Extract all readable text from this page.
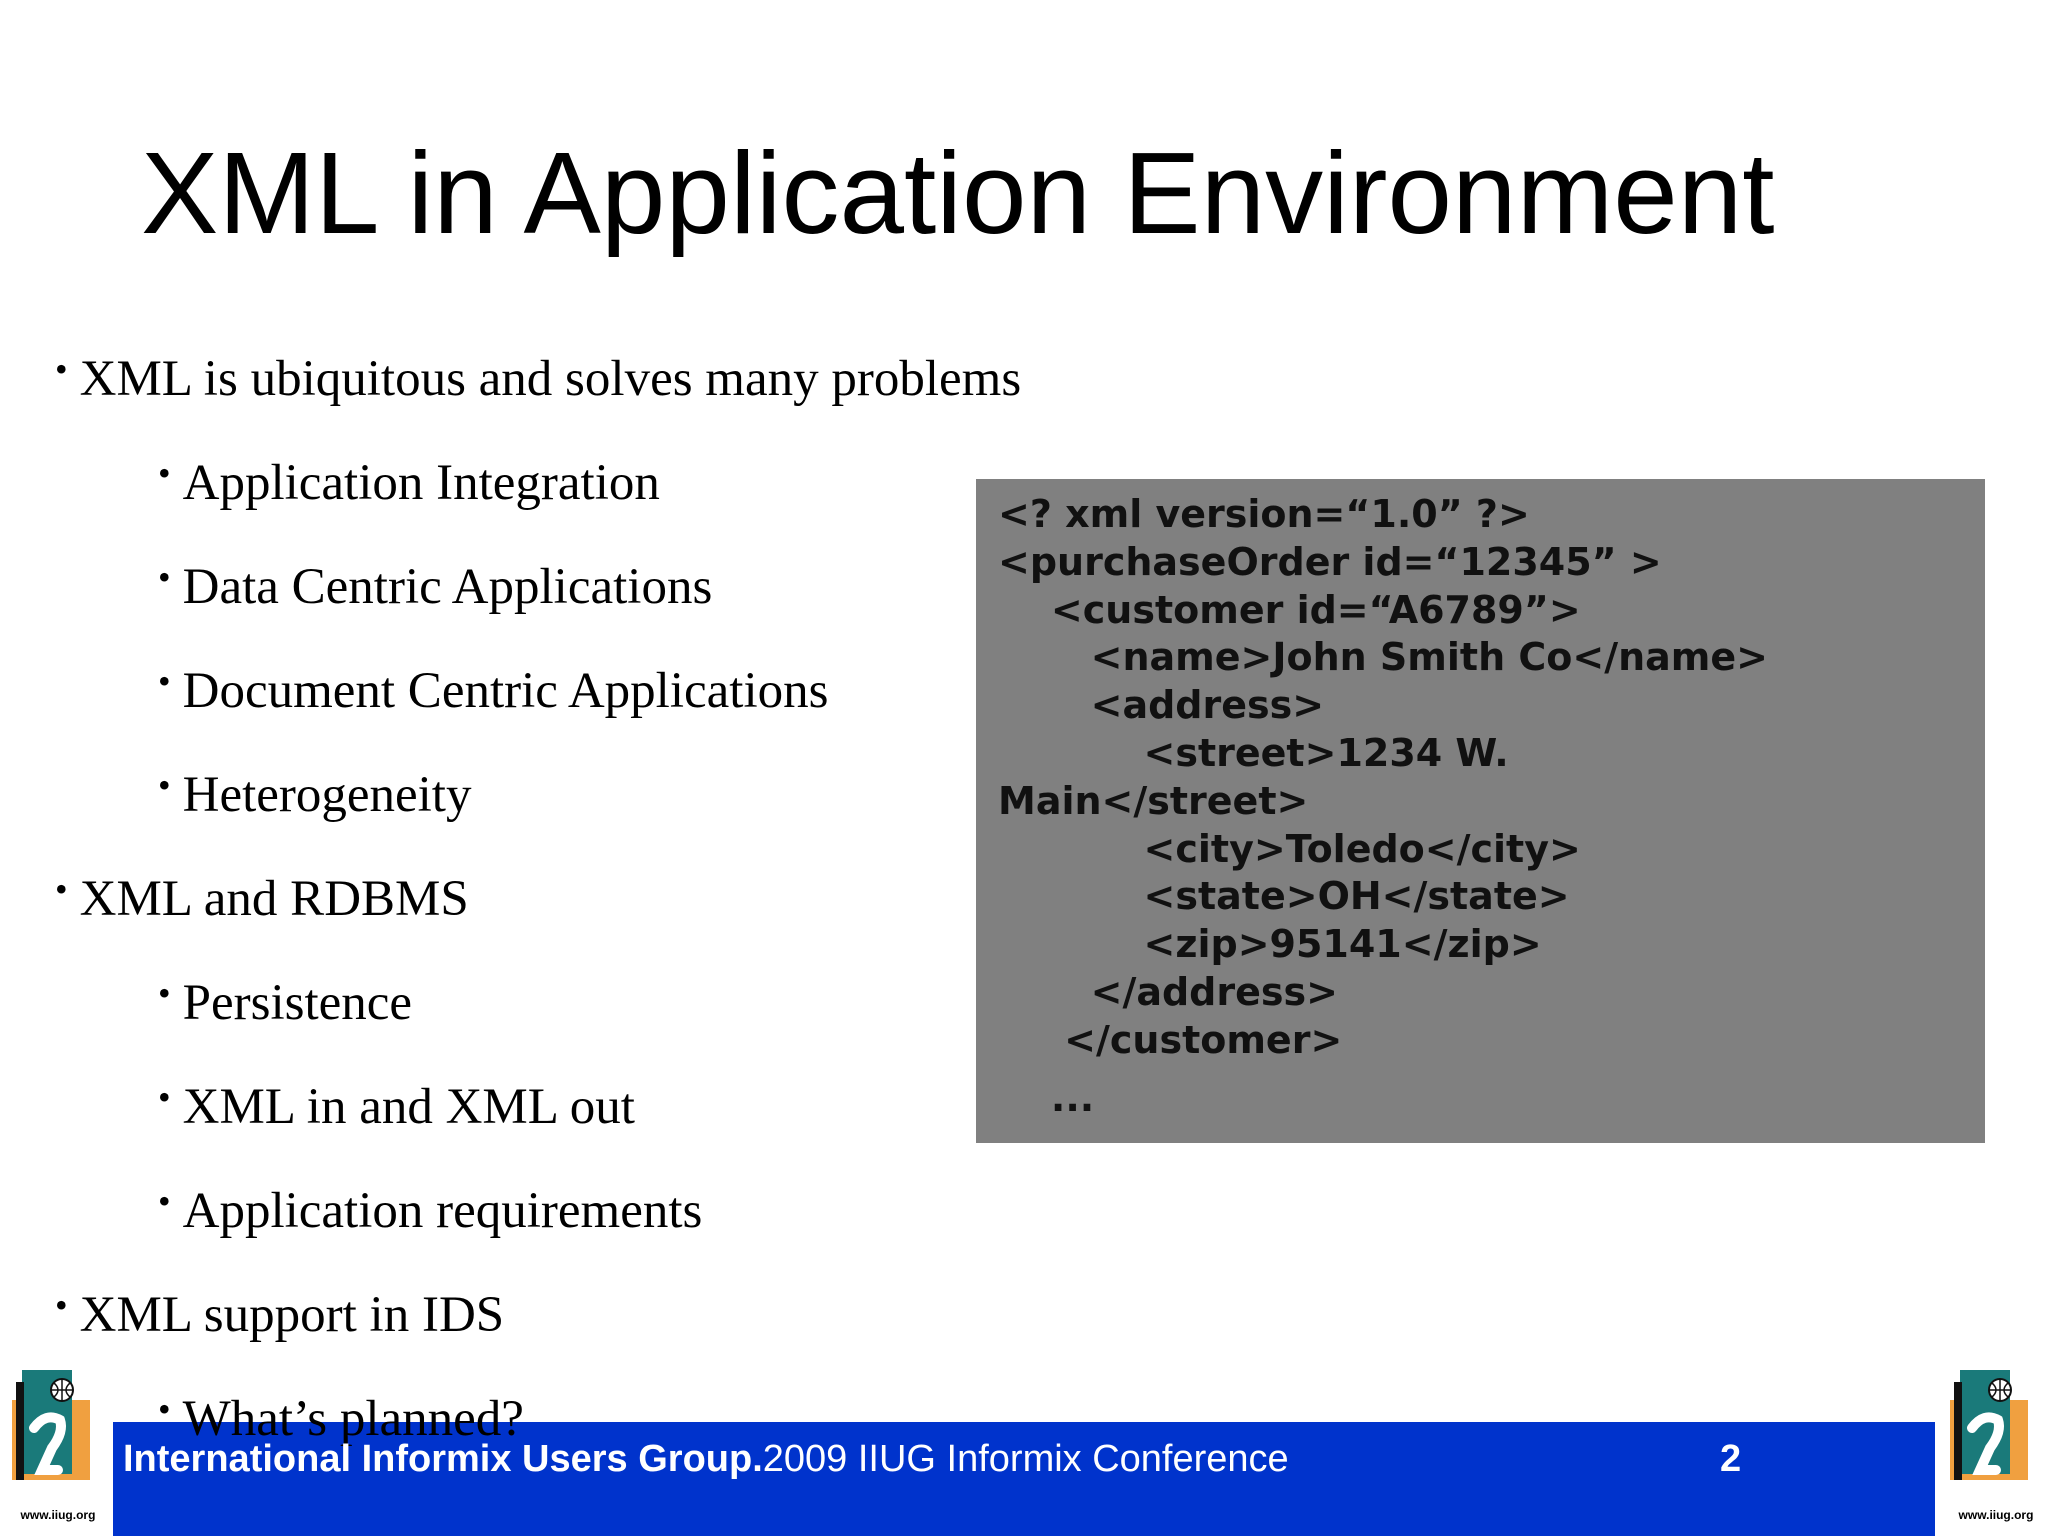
XML in Application Environment
• XML is ubiquitous and solves many problems
• Application Integration
• Data Centric Applications
• Document Centric Applications
• Heterogeneity
• XML and RDBMS
• Persistence
• XML in and XML out
• Application requirements
• XML support in IDS
<? xml version=“1.0” ?>
<purchaseOrder id=“12345” >
<customer id=“A6789”>
<name>John Smith Co</name>
<address>
<street>1234 W.
Main</street>
<city>Toledo</city>
<state>OH</state>
<zip>95141</zip>
</address>
</customer>
...
• What’s planned?
International Informix Users Group.2009 IIUG Informix Conference	2
www.iiug.org	www.iiug.org
